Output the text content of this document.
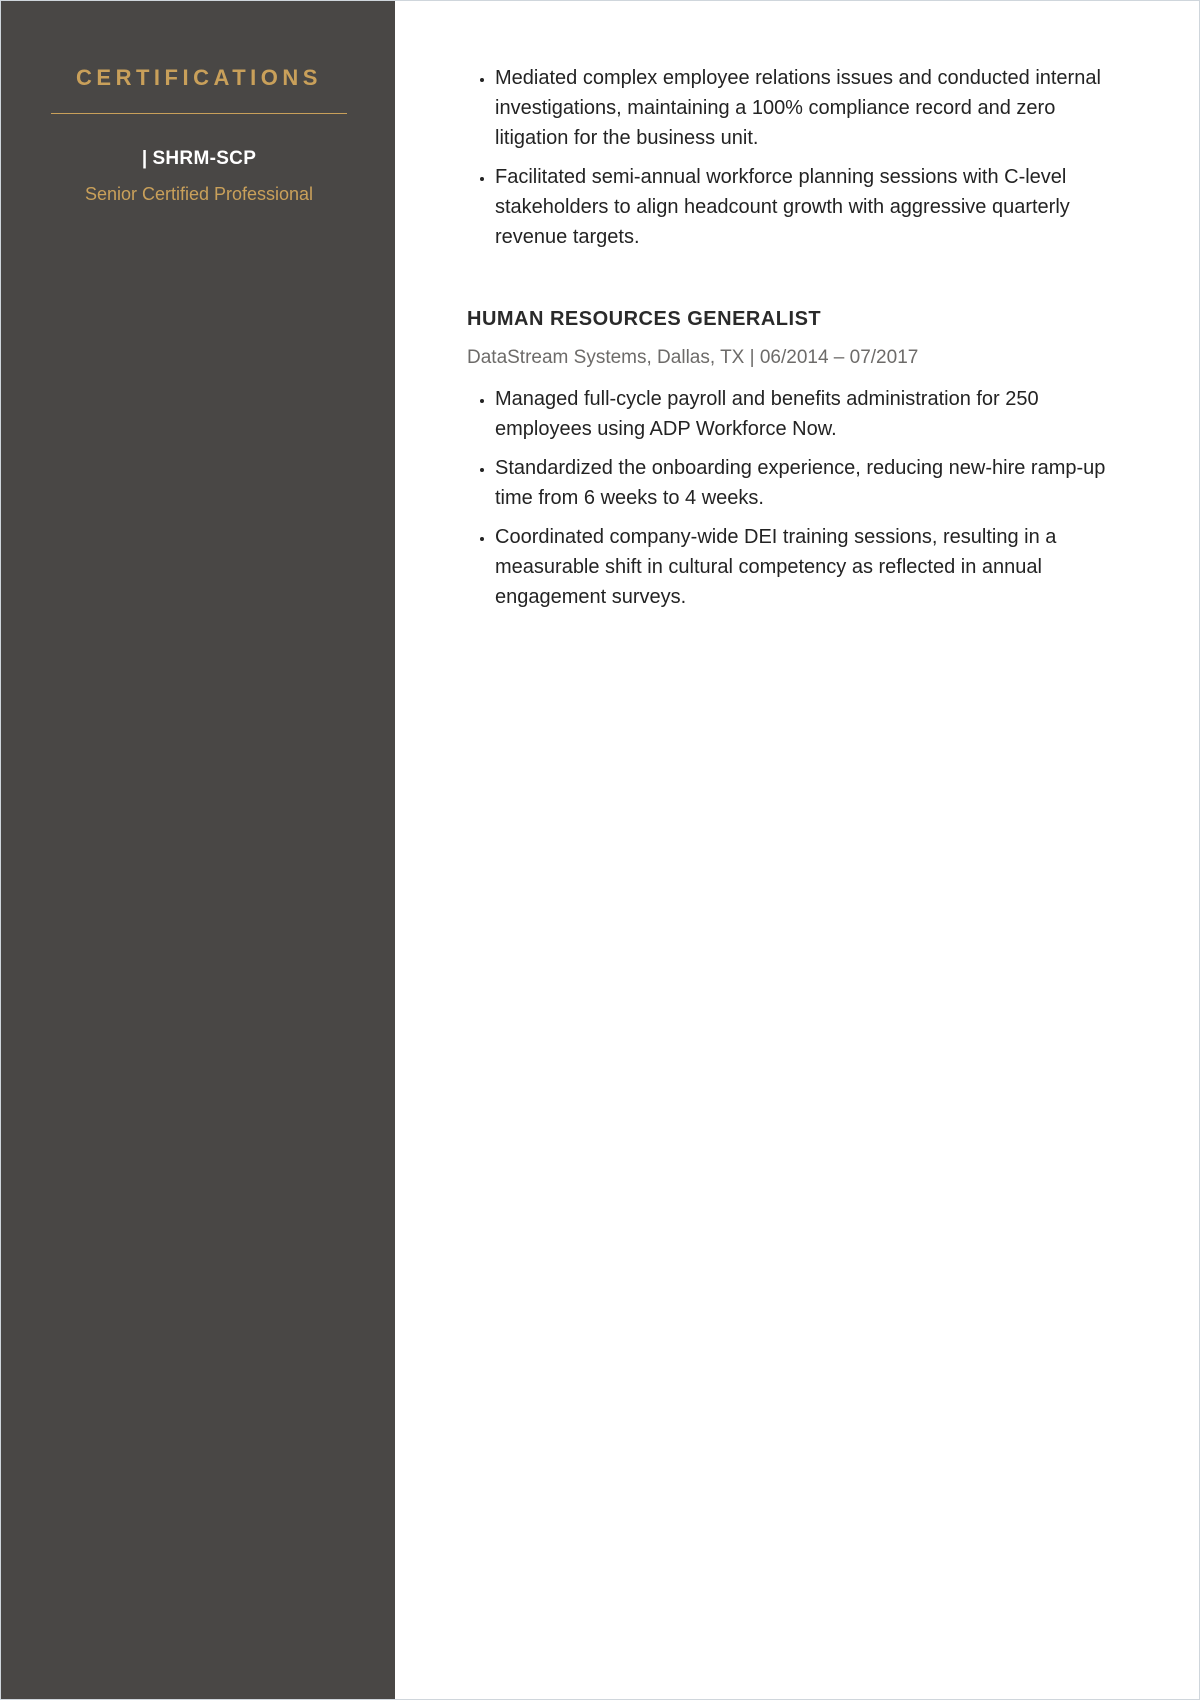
CERTIFICATIONS
| SHRM-SCP
Senior Certified Professional
• Mediated complex employee relations issues and conducted internal investigations, maintaining a 100% compliance record and zero litigation for the business unit.
• Facilitated semi-annual workforce planning sessions with C-level stakeholders to align headcount growth with aggressive quarterly revenue targets.
HUMAN RESOURCES GENERALIST
DataStream Systems, Dallas, TX | 06/2014 – 07/2017
• Managed full-cycle payroll and benefits administration for 250 employees using ADP Workforce Now.
• Standardized the onboarding experience, reducing new-hire ramp-up time from 6 weeks to 4 weeks.
• Coordinated company-wide DEI training sessions, resulting in a measurable shift in cultural competency as reflected in annual engagement surveys.
